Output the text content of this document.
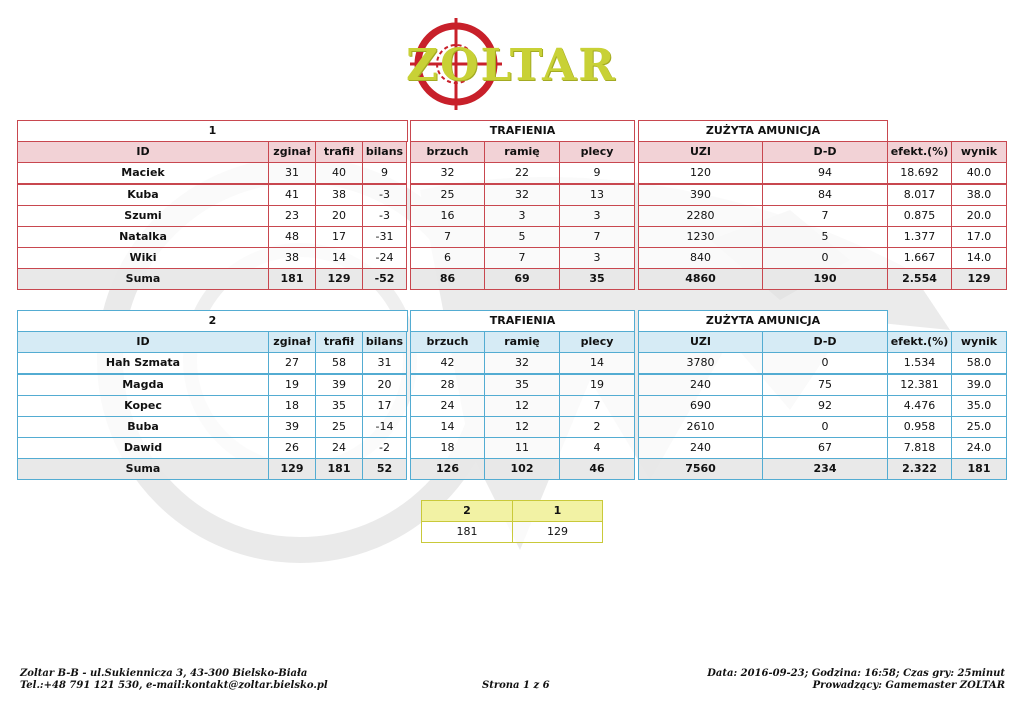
ZOLTAR
1	TRAFIENIA	ZUŻYTA AMUNICJA
ID	zginał	trafił	bilans	brzuch	ramię	plecy	UZI	D-D	efekt.(%)	wynik
Maciek	31	40	9	32	22	9	120	94	18.692	40.0
Kuba	41	38	-3	25	32	13	390	84	8.017	38.0
Szumi	23	20	-3	16	3	3	2280	7	0.875	20.0
Natalka	48	17	-31	7	5	7	1230	5	1.377	17.0
Wiki	38	14	-24	6	7	3	840	0	1.667	14.0
Suma	181	129	-52	86	69	35	4860	190	2.554	129
2	TRAFIENIA	ZUŻYTA AMUNICJA
ID	zginał	trafił	bilans	brzuch	ramię	plecy	UZI	D-D	efekt.(%)	wynik
Hah Szmata	27	58	31	42	32	14	3780	0	1.534	58.0
Magda	19	39	20	28	35	19	240	75	12.381	39.0
Kopec	18	35	17	24	12	7	690	92	4.476	35.0
Buba	39	25	-14	14	12	2	2610	0	0.958	25.0
Dawid	26	24	-2	18	11	4	240	67	7.818	24.0
Suma	129	181	52	126	102	46	7560	234	2.322	181
2	1
181	129
Zoltar B-B - ul.Sukiennicza 3, 43-300 Bielsko-Biała
Tel.:+48 791 121 530, e-mail:kontakt@zoltar.bielsko.pl	Strona 1 z 6
Data: 2016-09-23; Godzina: 16:58; Czas gry: 25minut
Prowadzący: Gamemaster ZOLTAR
